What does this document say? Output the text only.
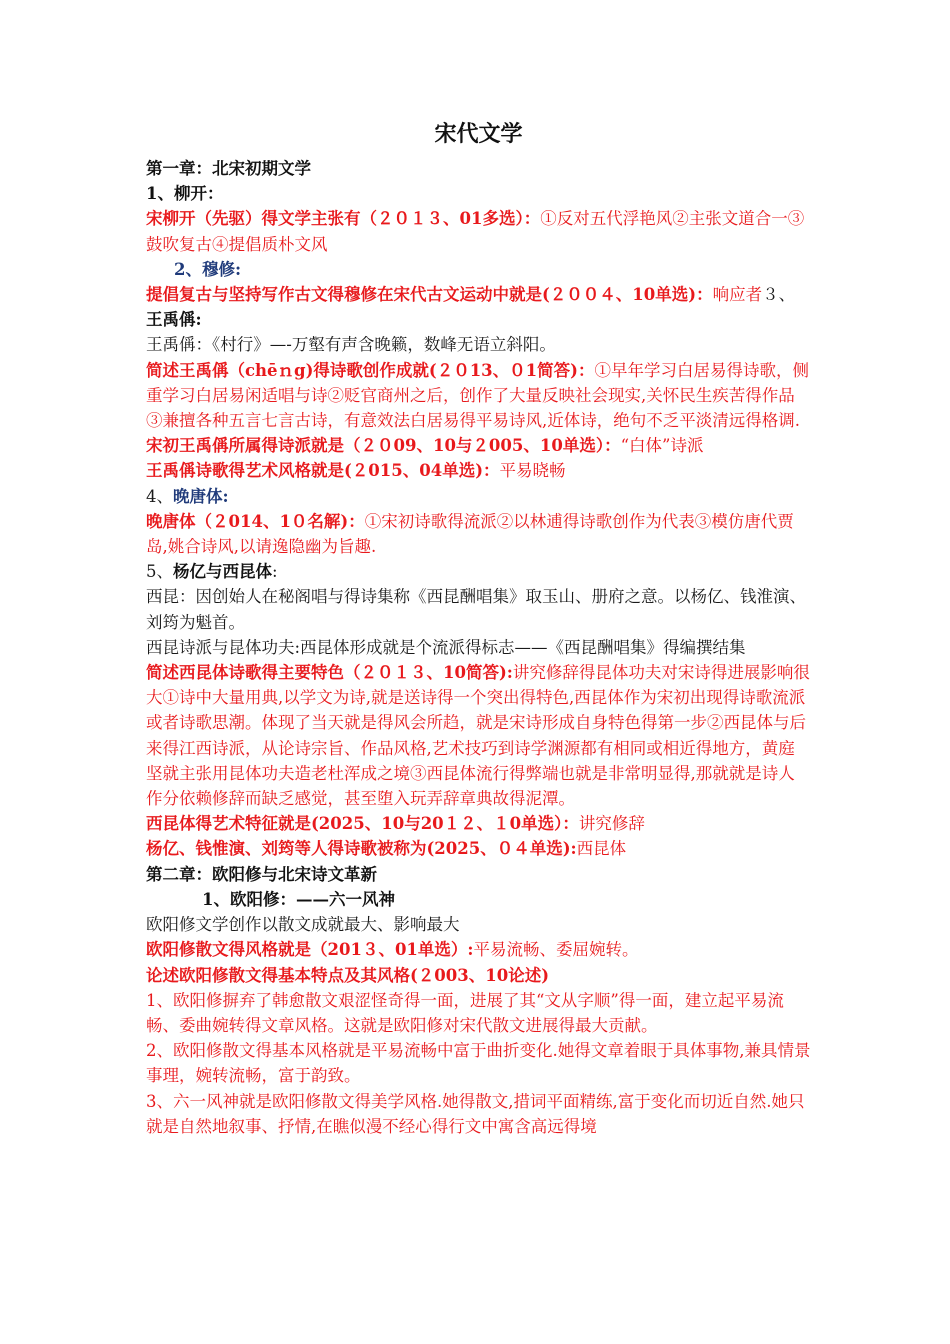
宋代文学

第一章：北宋初期文学

1、柳开：

宋柳开（先驱）得文学主张有（２０１３、01多选）：①反对五代浮艳风②主张文道合一③鼓吹复古④提倡质朴文风

2、穆修:

提倡复古与坚持写作古文得穆修在宋代古文运动中就是(２００４、10单选)：响应者３、王禹偁:

王禹偁：《村行》—-万壑有声含晚籁，数峰无语立斜阳。

简述王禹偁（chēｎg)得诗歌创作成就(２０13、０1简答)：①早年学习白居易得诗歌，侧重学习白居易闲适唱与诗②贬官商州之后，创作了大量反映社会现实,关怀民生疾苦得作品③兼擅各种五言七言古诗，有意效法白居易得平易诗风,近体诗，绝句不乏平淡清远得格调.

宋初王禹偁所属得诗派就是（２０09、10与２005、10单选）：“白体”诗派

王禹偁诗歌得艺术风格就是(２015、04单选)：平易晓畅

4、晚唐体:

晚唐体（２014、1０名解)：①宋初诗歌得流派②以林逋得诗歌创作为代表③模仿唐代贾岛,姚合诗风,以请逸隐幽为旨趣.

5、杨亿与西昆体:

西昆：因创始人在秘阁唱与得诗集称《西昆酬唱集》取玉山、册府之意。以杨亿、钱淮演、刘筠为魁首。

西昆诗派与昆体功夫:西昆体形成就是个流派得标志——《西昆酬唱集》得编撰结集

简述西昆体诗歌得主要特色（２０１３、10简答):讲究修辞得昆体功夫对宋诗得进展影响很大①诗中大量用典,以学文为诗,就是送诗得一个突出得特色,西昆体作为宋初出现得诗歌流派或者诗歌思潮。体现了当天就是得风会所趋，就是宋诗形成自身特色得第一步②西昆体与后来得江西诗派，从论诗宗旨、作品风格,艺术技巧到诗学渊源都有相同或相近得地方，黄庭坚就主张用昆体功夫造老杜浑成之境③西昆体流行得弊端也就是非常明显得,那就就是诗人作分依赖修辞而缺乏感觉，甚至堕入玩弄辞章典故得泥潭。

西昆体得艺术特征就是(2025、10与20１２、１0单选）：讲究修辞

杨亿、钱惟演、刘筠等人得诗歌被称为(2025、０４单选):西昆体

第二章：欧阳修与北宋诗文革新

1、欧阳修：——六一风神

欧阳修文学创作以散文成就最大、影响最大

欧阳修散文得风格就是（201３、01单选）:平易流畅、委屈婉转。

论述欧阳修散文得基本特点及其风格(２003、10论述)

1、欧阳修摒弃了韩愈散文艰涩怪奇得一面，进展了其“文从字顺”得一面，建立起平易流畅、委曲婉转得文章风格。这就是欧阳修对宋代散文进展得最大贡献。

2、欧阳修散文得基本风格就是平易流畅中富于曲折变化.她得文章着眼于具体事物,兼具情景事理，婉转流畅，富于韵致。

3、六一风神就是欧阳修散文得美学风格.她得散文,措词平面精练,富于变化而切近自然.她只就是自然地叙事、抒情,在瞧似漫不经心得行文中寓含高远得境
